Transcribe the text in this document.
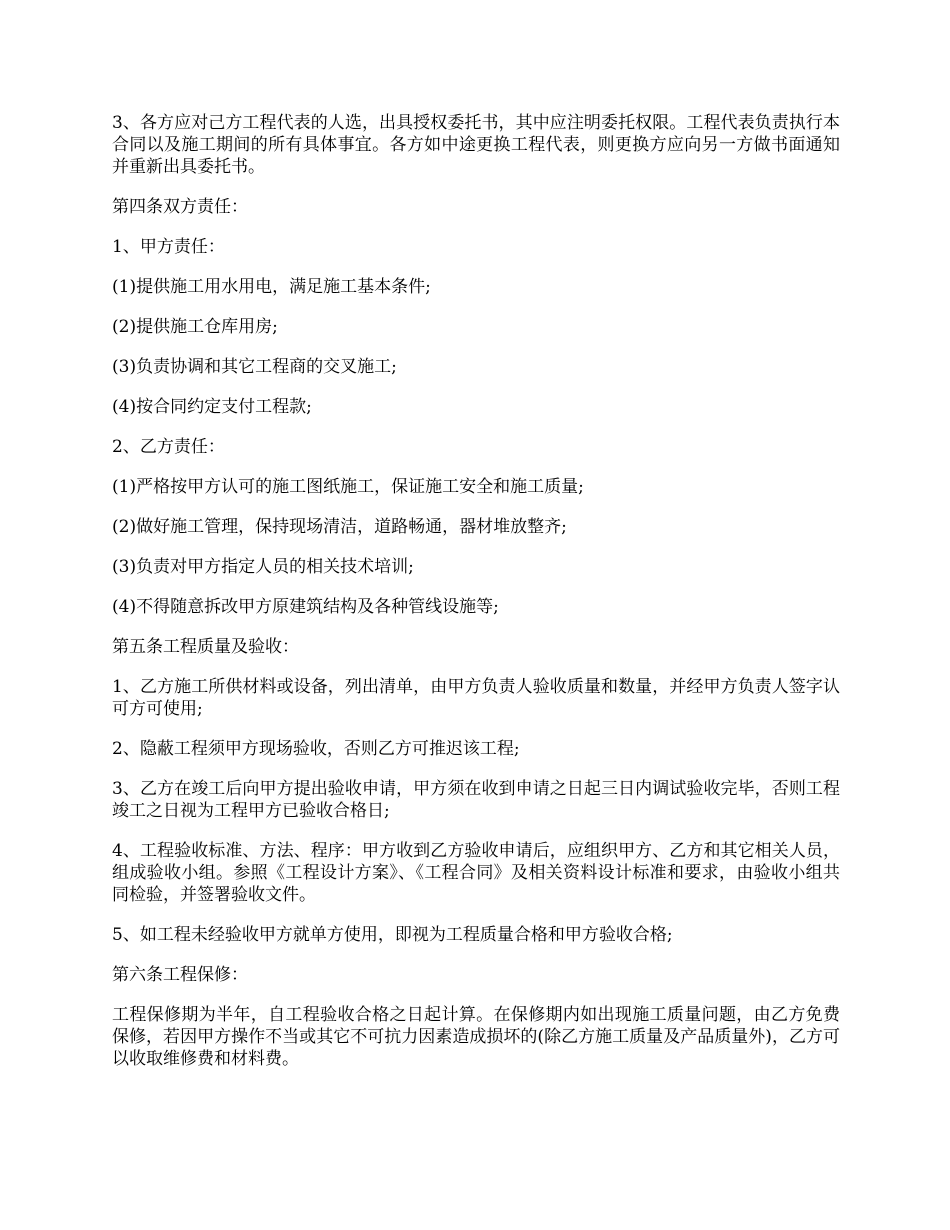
3、各方应对己方工程代表的人选，出具授权委托书，其中应注明委托权限。工程代表负责执行本合同以及施工期间的所有具体事宜。各方如中途更换工程代表，则更换方应向另一方做书面通知并重新出具委托书。

第四条双方责任：

1、甲方责任：

(1)提供施工用水用电，满足施工基本条件;

(2)提供施工仓库用房;

(3)负责协调和其它工程商的交叉施工;

(4)按合同约定支付工程款;

2、乙方责任：

(1)严格按甲方认可的施工图纸施工，保证施工安全和施工质量;

(2)做好施工管理，保持现场清洁，道路畅通，器材堆放整齐;

(3)负责对甲方指定人员的相关技术培训;

(4)不得随意拆改甲方原建筑结构及各种管线设施等;

第五条工程质量及验收：

1、乙方施工所供材料或设备，列出清单，由甲方负责人验收质量和数量，并经甲方负责人签字认可方可使用;

2、隐蔽工程须甲方现场验收，否则乙方可推迟该工程;

3、乙方在竣工后向甲方提出验收申请，甲方须在收到申请之日起三日内调试验收完毕，否则工程竣工之日视为工程甲方已验收合格日;

4、工程验收标准、方法、程序：甲方收到乙方验收申请后，应组织甲方、乙方和其它相关人员，组成验收小组。参照《工程设计方案》、《工程合同》及相关资料设计标准和要求，由验收小组共同检验，并签署验收文件。

5、如工程未经验收甲方就单方使用，即视为工程质量合格和甲方验收合格;

第六条工程保修：

工程保修期为半年，自工程验收合格之日起计算。在保修期内如出现施工质量问题，由乙方免费保修，若因甲方操作不当或其它不可抗力因素造成损坏的(除乙方施工质量及产品质量外)，乙方可以收取维修费和材料费。
